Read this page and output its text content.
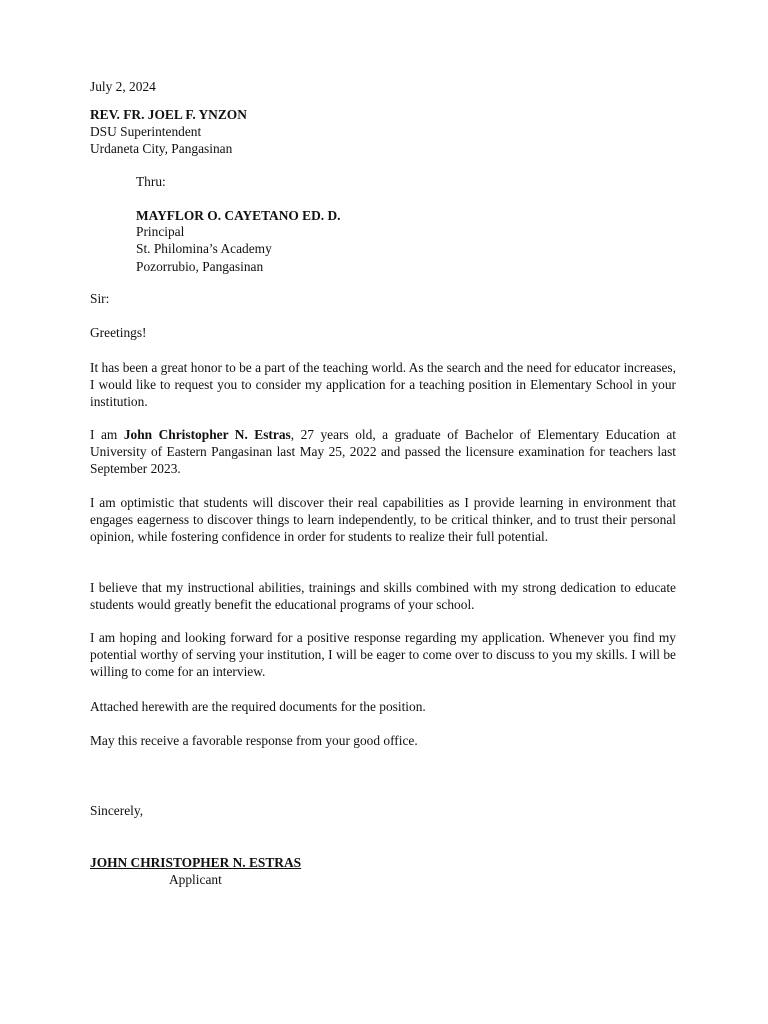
July 2, 2024
REV. FR. JOEL F. YNZON
DSU Superintendent
Urdaneta City, Pangasinan
Thru:
MAYFLOR O. CAYETANO ED. D.
Principal
St. Philomina’s Academy
Pozorrubio, Pangasinan
Sir:
Greetings!
It has been a great honor to be a part of the teaching world. As the search and the need for educator increases, I would like to request you to consider my application for a teaching position in Elementary School in your institution.
I am John Christopher N. Estras, 27 years old, a graduate of Bachelor of Elementary Education at University of Eastern Pangasinan last May 25, 2022 and passed the licensure examination for teachers last September 2023.
I am optimistic that students will discover their real capabilities as I provide learning in environment that engages eagerness to discover things to learn independently, to be critical thinker, and to trust their personal opinion, while fostering confidence in order for students to realize their full potential.
I believe that my instructional abilities, trainings and skills combined with my strong dedication to educate students would greatly benefit the educational programs of your school.
I am hoping and looking forward for a positive response regarding my application. Whenever you find my potential worthy of serving your institution, I will be eager to come over to discuss to you my skills. I will be willing to come for an interview.
Attached herewith are the required documents for the position.
May this receive a favorable response from your good office.
Sincerely,
JOHN CHRISTOPHER N. ESTRAS
Applicant
